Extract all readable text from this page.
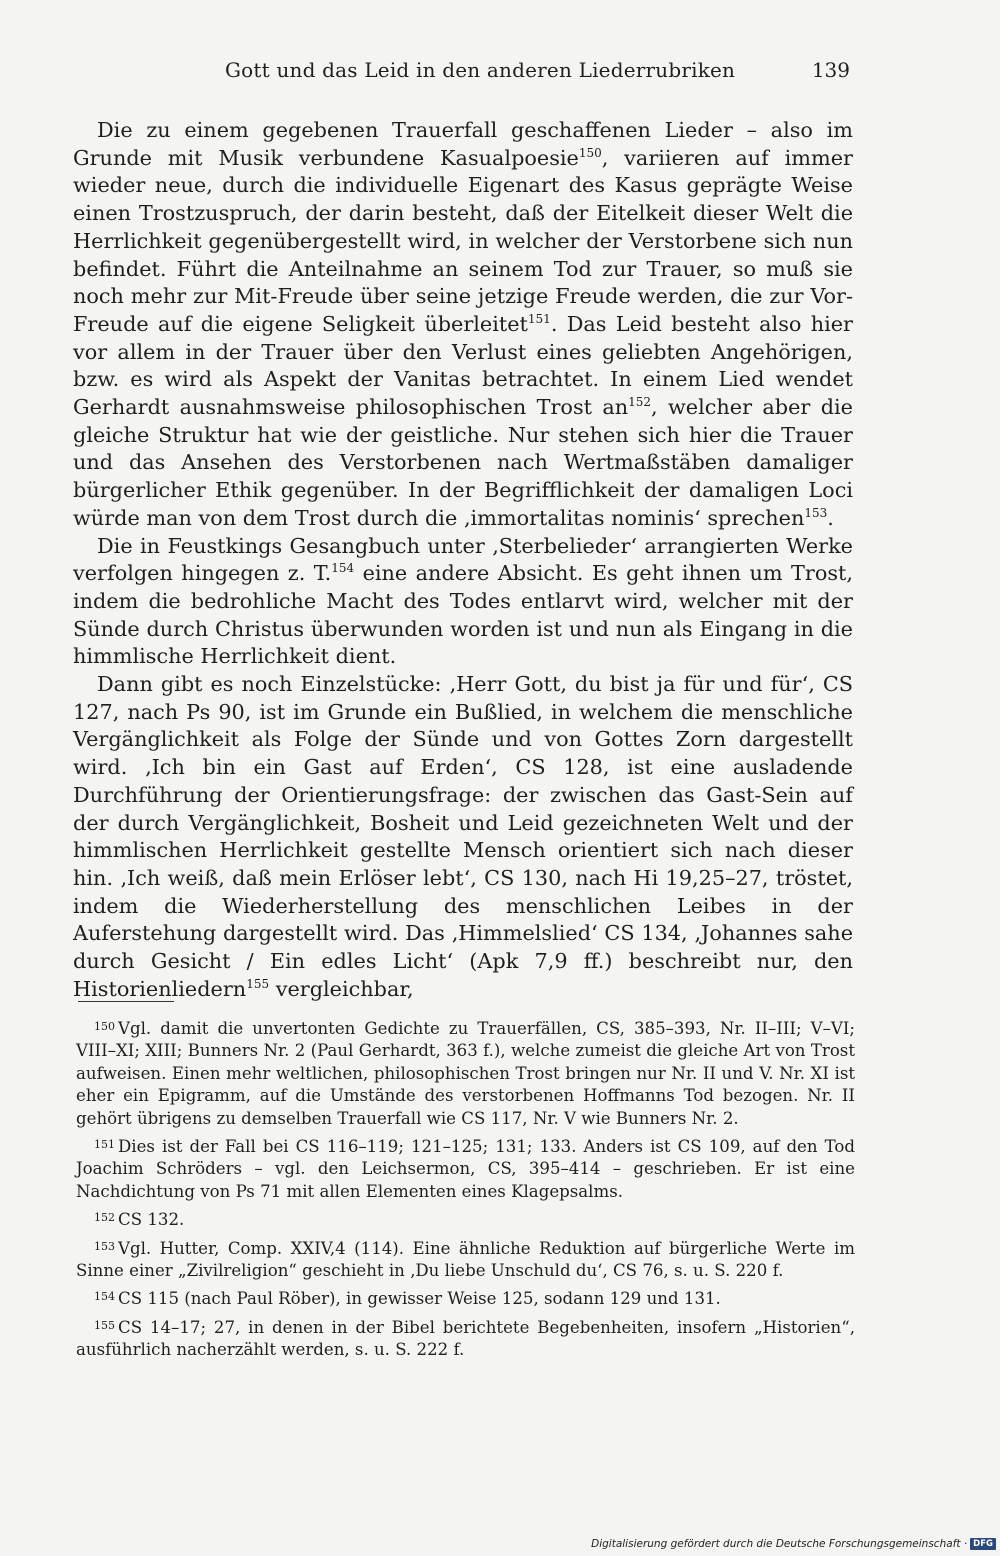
Gott und das Leid in den anderen Liederrubriken	139

Die zu einem gegebenen Trauerfall geschaffenen Lieder – also im Grunde mit Musik verbundene Kasualpoesie$^{150}$, variieren auf immer wieder neue, durch die individuelle Eigenart des Kasus geprägte Weise einen Trostzuspruch, der darin besteht, daß der Eitelkeit dieser Welt die Herrlichkeit gegenübergestellt wird, in welcher der Verstorbene sich nun befindet. Führt die Anteilnahme an seinem Tod zur Trauer, so muß sie noch mehr zur Mit-Freude über seine jetzige Freude werden, die zur Vor-Freude auf die eigene Seligkeit überleitet$^{151}$. Das Leid besteht also hier vor allem in der Trauer über den Verlust eines geliebten Angehörigen, bzw. es wird als Aspekt der Vanitas betrachtet. In einem Lied wendet Gerhardt ausnahmsweise philosophischen Trost $an^{152}$, welcher aber die gleiche Struktur hat wie der geistliche. Nur stehen sich hier die Trauer und das Ansehen des Verstorbenen nach Wertmaßstäben damaliger bürgerlicher Ethik gegenüber. In der Begrifflichkeit der damaligen Loci würde man von dem Trost durch die ‚immortalitas nominis‘ sprechen$^{153}$.

Die in Feustkings Gesangbuch unter ‚Sterbelieder‘ arrangierten Werke verfolgen hingegen z. T.$^{154}$ eine andere Absicht. Es geht ihnen um Trost, indem die bedrohliche Macht des Todes entlarvt wird, welcher mit der Sünde durch Christus überwunden worden ist und nun als Eingang in die himmlische Herrlichkeit dient.

Dann gibt es noch Einzelstücke: ‚Herr Gott, du bist ja für und für‘, CS 127, nach Ps 90, ist im Grunde ein Bußlied, in welchem die menschliche Vergänglichkeit als Folge der Sünde und von Gottes Zorn dargestellt wird. ‚Ich bin ein Gast auf Erden‘, CS 128, ist eine ausladende Durchführung der Orientierungsfrage: der zwischen das Gast-Sein auf der durch Vergänglichkeit, Bosheit und Leid gezeichneten Welt und der himmlischen Herrlichkeit gestellte Mensch orientiert sich nach dieser hin. ‚Ich weiß, daß mein Erlöser lebt‘, CS 130, nach Hi 19,25–27, tröstet, indem die Wiederherstellung des menschlichen Leibes in der Auferstehung dargestellt wird. Das ‚Himmelslied‘ CS 134, ‚Johannes sahe durch Gesicht / Ein edles Licht‘ (Apk 7,9 ff.) beschreibt nur, den Historienliedern$^{155}$ vergleichbar,

$^{150}$ Vgl. damit die unvertonten Gedichte zu Trauerfällen, CS, 385–393, Nr. II–III; V–VI; VIII–XI; XIII; Bunners Nr. 2 (Paul Gerhardt, 363 f.), welche zumeist die gleiche Art von Trost aufweisen. Einen mehr weltlichen, philosophischen Trost bringen nur Nr. II und V. Nr. XI ist eher ein Epigramm, auf die Umstände des verstorbenen Hoffmanns Tod bezogen. Nr. II gehört übrigens zu demselben Trauerfall wie CS 117, Nr. V wie Bunners Nr. 2.

$^{151}$ Dies ist der Fall bei CS 116–119; 121–125; 131; 133. Anders ist CS 109, auf den Tod Joachim Schröders – vgl. den Leichsermon, CS, 395–414 – geschrieben. Er ist eine Nachdichtung von Ps 71 mit allen Elementen eines Klagepsalms.

$^{152}$ CS 132.

$^{153}$ Vgl. Hutter, Comp. XXIV,4 (114). Eine ähnliche Reduktion auf bürgerliche Werte im Sinne einer „Zivilreligion“ geschieht in ‚Du liebe Unschuld du‘, CS 76, s. u. S. 220 f.

$^{154}$ CS 115 (nach Paul Röber), in gewisser Weise 125, sodann 129 und 131.

$^{155}$ CS 14–17; 27, in denen in der Bibel berichtete Begebenheiten, insofern „Historien“, ausführlich nacherzählt werden, s. u. S. 222 f.

Digitalisierung gefördert durch die Deutsche Forschungsgemeinschaft · DFG
